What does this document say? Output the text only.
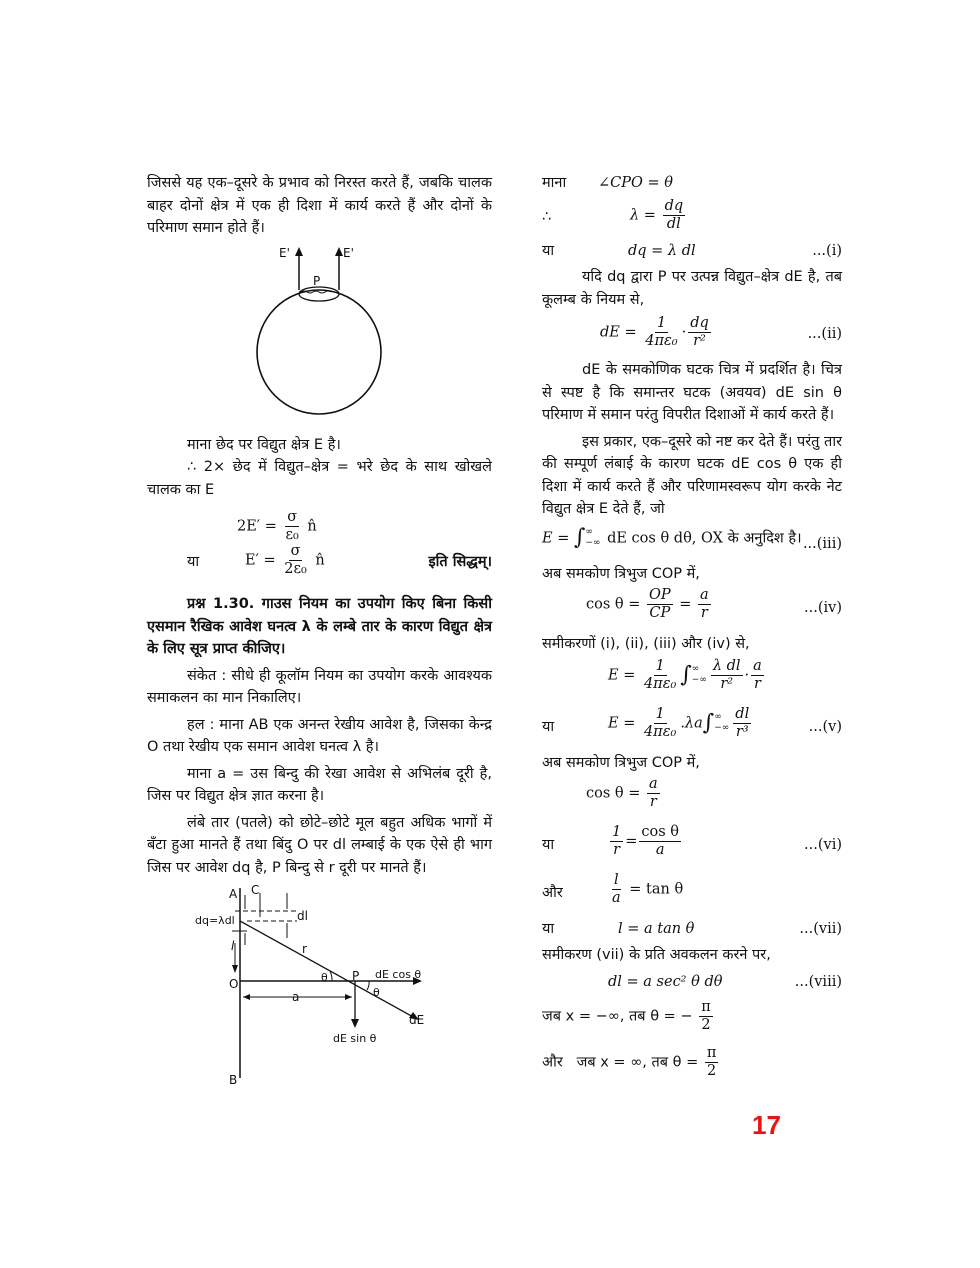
जिससे यह एक–दूसरे के प्रभाव को निरस्त करते हैं, जबकि चालक बाहर दोनों क्षेत्र में एक ही दिशा में कार्य करते हैं और दोनों के परिमाण समान होते हैं।

E'	E'
P

माना छेद पर विद्युत क्षेत्र E है।

∴ 2× छेद में विद्युत–क्षेत्र = भरे छेद के साथ खोखले चालक का E

$2E' = \frac{\sigma}{\text{ε₀}}$ n̂
या	$E' = \frac{\sigma}{\text{2ε₀}}$ n̂	इति सिद्धम्।

प्रश्न 1.30. गाउस नियम का उपयोग किए बिना किसी एसमान रैखिक आवेश घनत्व λ के लम्बे तार के कारण विद्युत क्षेत्र के लिए सूत्र प्राप्त कीजिए।

संकेत : सीधे ही कूलॉम नियम का उपयोग करके आवश्यक समाकलन का मान निकालिए।

हल : माना AB एक अनन्त रेखीय आवेश है, जिसका केन्द्र O तथा रेखीय एक समान आवेश घनत्व λ है।

माना a = उस बिन्दु की रेखा आवेश से अभिलंब दूरी है, जिस पर विद्युत क्षेत्र ज्ञात करना है।

लंबे तार (पतले) को छोटे–छोटे मूल बहुत अधिक भागों में बँटा हुआ मानते हैं तथा बिंदु O पर dl लम्बाई के एक ऐसे ही भाग जिस पर आवेश dq है, P बिन्दु से r दूरी पर मानते हैं।

A C
dq=λdl	dl
l	r
O	θ P dE cos θ
θ
a
dE
dE sin θ
B
माना ∠CPO = θ
∴	$\lambda = \frac{dq}{dl}$
या	dq = λ dl	...(i)

यदि dq द्वारा P पर उत्पन्न विद्युत–क्षेत्र dE है, तब कूलम्ब के नियम से,

dE = $\frac{1}{\text{4πε₀}} \cdot \frac{dq}{\text{r²}}$	...(ii)

dE के समकोणिक घटक चित्र में प्रदर्शित है। चित्र से स्पष्ट है कि समान्तर घटक (अवयव) dE sin θ परिमाण में समान परंतु विपरीत दिशाओं में कार्य करते हैं।

इस प्रकार, एक–दूसरे को नष्ट कर देते हैं। परंतु तार की सम्पूर्ण लंबाई के कारण घटक dE cos θ एक ही दिशा में कार्य करते हैं और परिणामस्वरूप योग करके नेट विद्युत क्षेत्र E देते हैं, जो

E = ∫ ∞
−∞ dE cos θ dθ, OX के अनुदिश है। ...(iii)

अब समकोण त्रिभुज COP में,

$\cos \theta = \frac{OP}{CP} = \frac{a}{r}$	...(iv)

समीकरणों (i), (ii), (iii) और (iv) से,

$E = \frac{1}{\text{4πε₀}}$ ∫ ∞
−∞ $\frac{\text{λ dl}}{\text{r²}} \cdot \frac{a}{r}$
या	$E = \frac{1}{\text{4πε₀}} .\lambda a\int$ ∞
−∞ $\frac{dl}{\text{r³}}$	...(v)

अब समकोण त्रिभुज COP में,

$\cos \theta = \frac{a}{r}$
या	$\frac{1}{r} = \frac{\text{cos θ}}{a}$	...(vi)
और	$\frac{l}{a} = \tan \theta$
या	l = a tan θ	...(vii)

समीकरण (vii) के प्रति अवकलन करने पर,

dl = a sec² θ dθ	...(viii)
जब x = −∞, तब θ = − $\frac{\pi}{2}$
और   जब x = ∞, तब $\theta = \frac{\pi}{2}$
17
